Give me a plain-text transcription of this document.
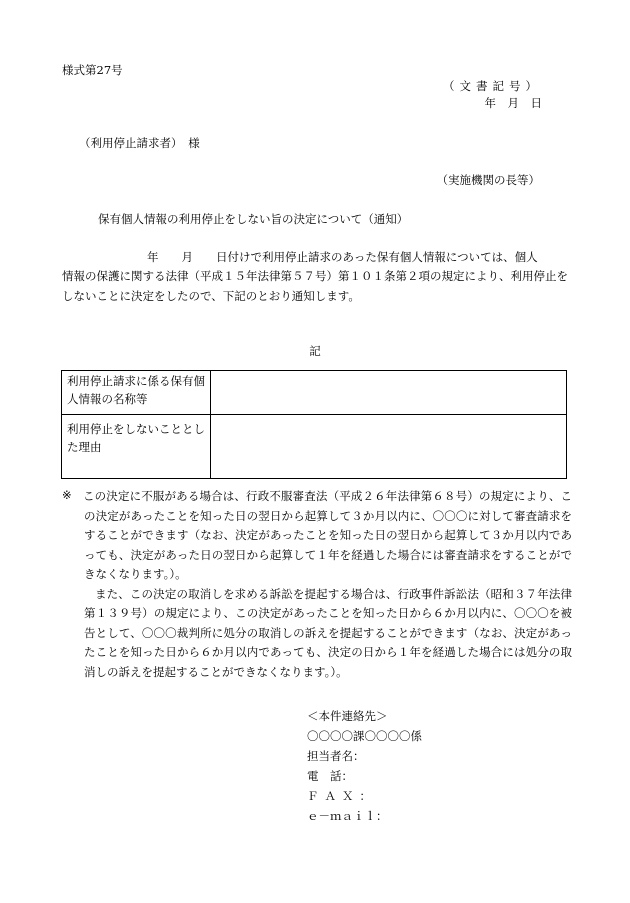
様式第27号
（文書記号）
年　月　日
（利用停止請求者）　様
（実施機関の長等）
保有個人情報の利用停止をしない旨の決定について（通知）
年　　月　　日付けで利用停止請求のあった保有個人情報については、個人
情報の保護に関する法律（平成１５年法律第５７号）第１０１条第２項の規定により、利用停止を
しないことに決定をしたので、下記のとおり通知します。
記
利用停止請求に係る保有個人情報の名称等	
利用停止をしないこととした理由	
※ この決定に不服がある場合は、行政不服審査法（平成２６年法律第６８号）の規定により、この決定があったことを知った日の翌日から起算して３か月以内に、〇〇〇に対して審査請求をすることができます（なお、決定があったことを知った日の翌日から起算して３か月以内であっても、決定があった日の翌日から起算して１年を経過した場合には審査請求をすることができなくなります。）。

また、この決定の取消しを求める訴訟を提起する場合は、行政事件訴訟法（昭和３７年法律第１３９号）の規定により、この決定があったことを知った日から６か月以内に、〇〇〇を被告として、〇〇〇裁判所に処分の取消しの訴えを提起することができます（なお、決定があったことを知った日から６か月以内であっても、決定の日から１年を経過した場合には処分の取消しの訴えを提起することができなくなります。）。

＜本件連絡先＞
〇〇〇〇課〇〇〇〇係
担当者名：
電　話：
ＦＡＸ：
ｅ－ｍａｉｌ：
